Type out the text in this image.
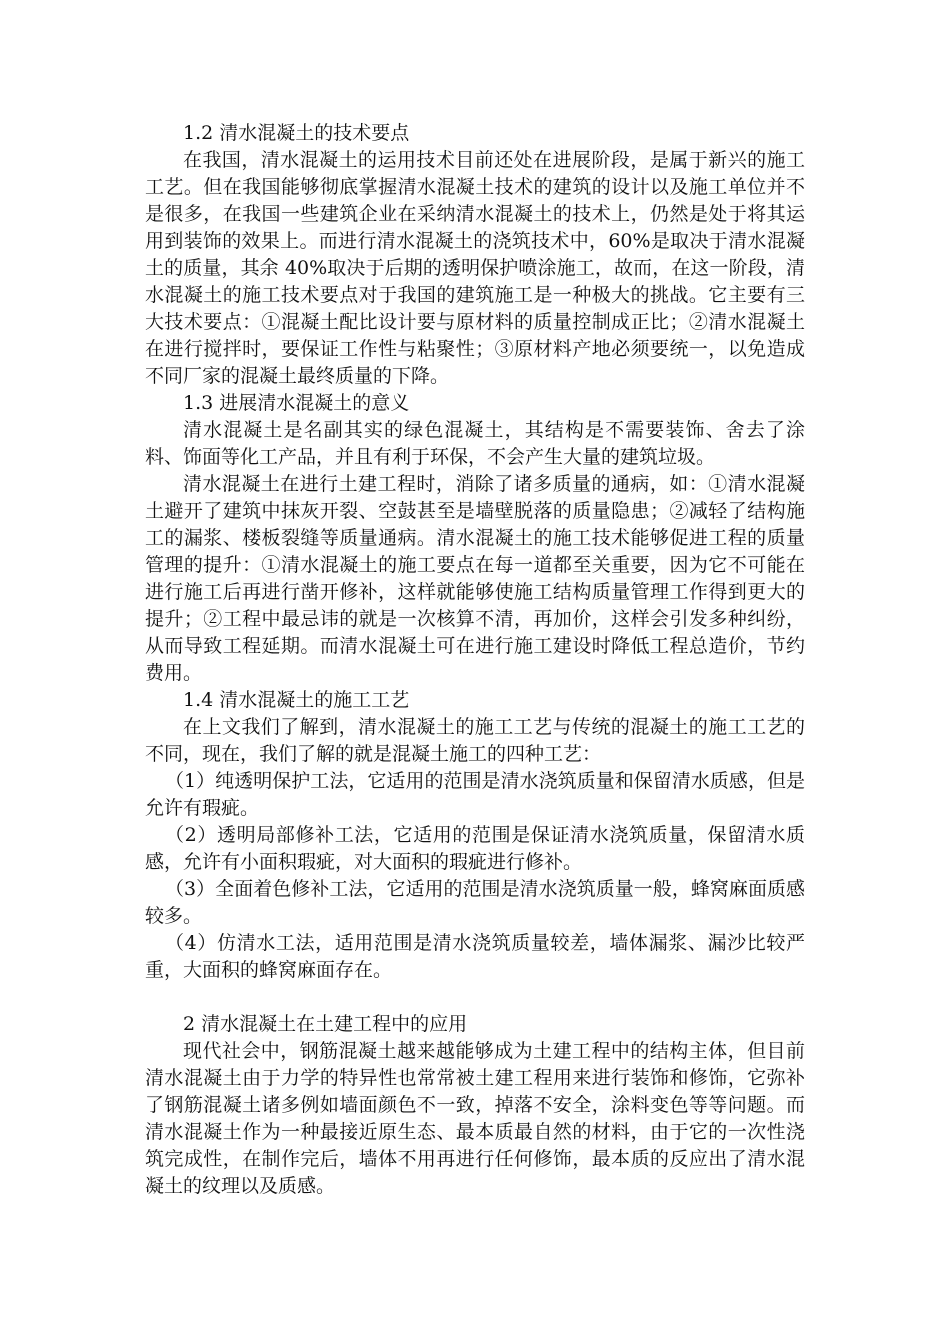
1.2 清水混凝土的技术要点

在我国，清水混凝土的运用技术目前还处在进展阶段，是属于新兴的施工工艺。但在我国能够彻底掌握清水混凝土技术的建筑的设计以及施工单位并不是很多，在我国一些建筑企业在采纳清水混凝土的技术上，仍然是处于将其运用到装饰的效果上。而进行清水混凝土的浇筑技术中，60%是取决于清水混凝土的质量，其余 40%取决于后期的透明保护喷涂施工，故而，在这一阶段，清水混凝土的施工技术要点对于我国的建筑施工是一种极大的挑战。它主要有三大技术要点：①混凝土配比设计要与原材料的质量控制成正比；②清水混凝土在进行搅拌时，要保证工作性与粘聚性；③原材料产地必须要统一，以免造成不同厂家的混凝土最终质量的下降。

1.3 进展清水混凝土的意义

清水混凝土是名副其实的绿色混凝土，其结构是不需要装饰、舍去了涂料、饰面等化工产品，并且有利于环保，不会产生大量的建筑垃圾。

清水混凝土在进行土建工程时，消除了诸多质量的通病，如：①清水混凝土避开了建筑中抹灰开裂、空鼓甚至是墙壁脱落的质量隐患；②减轻了结构施工的漏浆、楼板裂缝等质量通病。清水混凝土的施工技术能够促进工程的质量管理的提升：①清水混凝土的施工要点在每一道都至关重要，因为它不可能在进行施工后再进行凿开修补，这样就能够使施工结构质量管理工作得到更大的提升；②工程中最忌讳的就是一次核算不清，再加价，这样会引发多种纠纷，从而导致工程延期。而清水混凝土可在进行施工建设时降低工程总造价，节约费用。

1.4 清水混凝土的施工工艺

在上文我们了解到，清水混凝土的施工工艺与传统的混凝土的施工工艺的不同，现在，我们了解的就是混凝土施工的四种工艺：

（1）纯透明保护工法，它适用的范围是清水浇筑质量和保留清水质感，但是允许有瑕疵。

（2）透明局部修补工法，它适用的范围是保证清水浇筑质量，保留清水质感，允许有小面积瑕疵，对大面积的瑕疵进行修补。

（3）全面着色修补工法，它适用的范围是清水浇筑质量一般，蜂窝麻面质感较多。

（4）仿清水工法，适用范围是清水浇筑质量较差，墙体漏浆、漏沙比较严重，大面积的蜂窝麻面存在。

2 清水混凝土在土建工程中的应用

现代社会中，钢筋混凝土越来越能够成为土建工程中的结构主体，但目前清水混凝土由于力学的特异性也常常被土建工程用来进行装饰和修饰，它弥补了钢筋混凝土诸多例如墙面颜色不一致，掉落不安全，涂料变色等等问题。而清水混凝土作为一种最接近原生态、最本质最自然的材料，由于它的一次性浇筑完成性，在制作完后，墙体不用再进行任何修饰，最本质的反应出了清水混凝土的纹理以及质感。
